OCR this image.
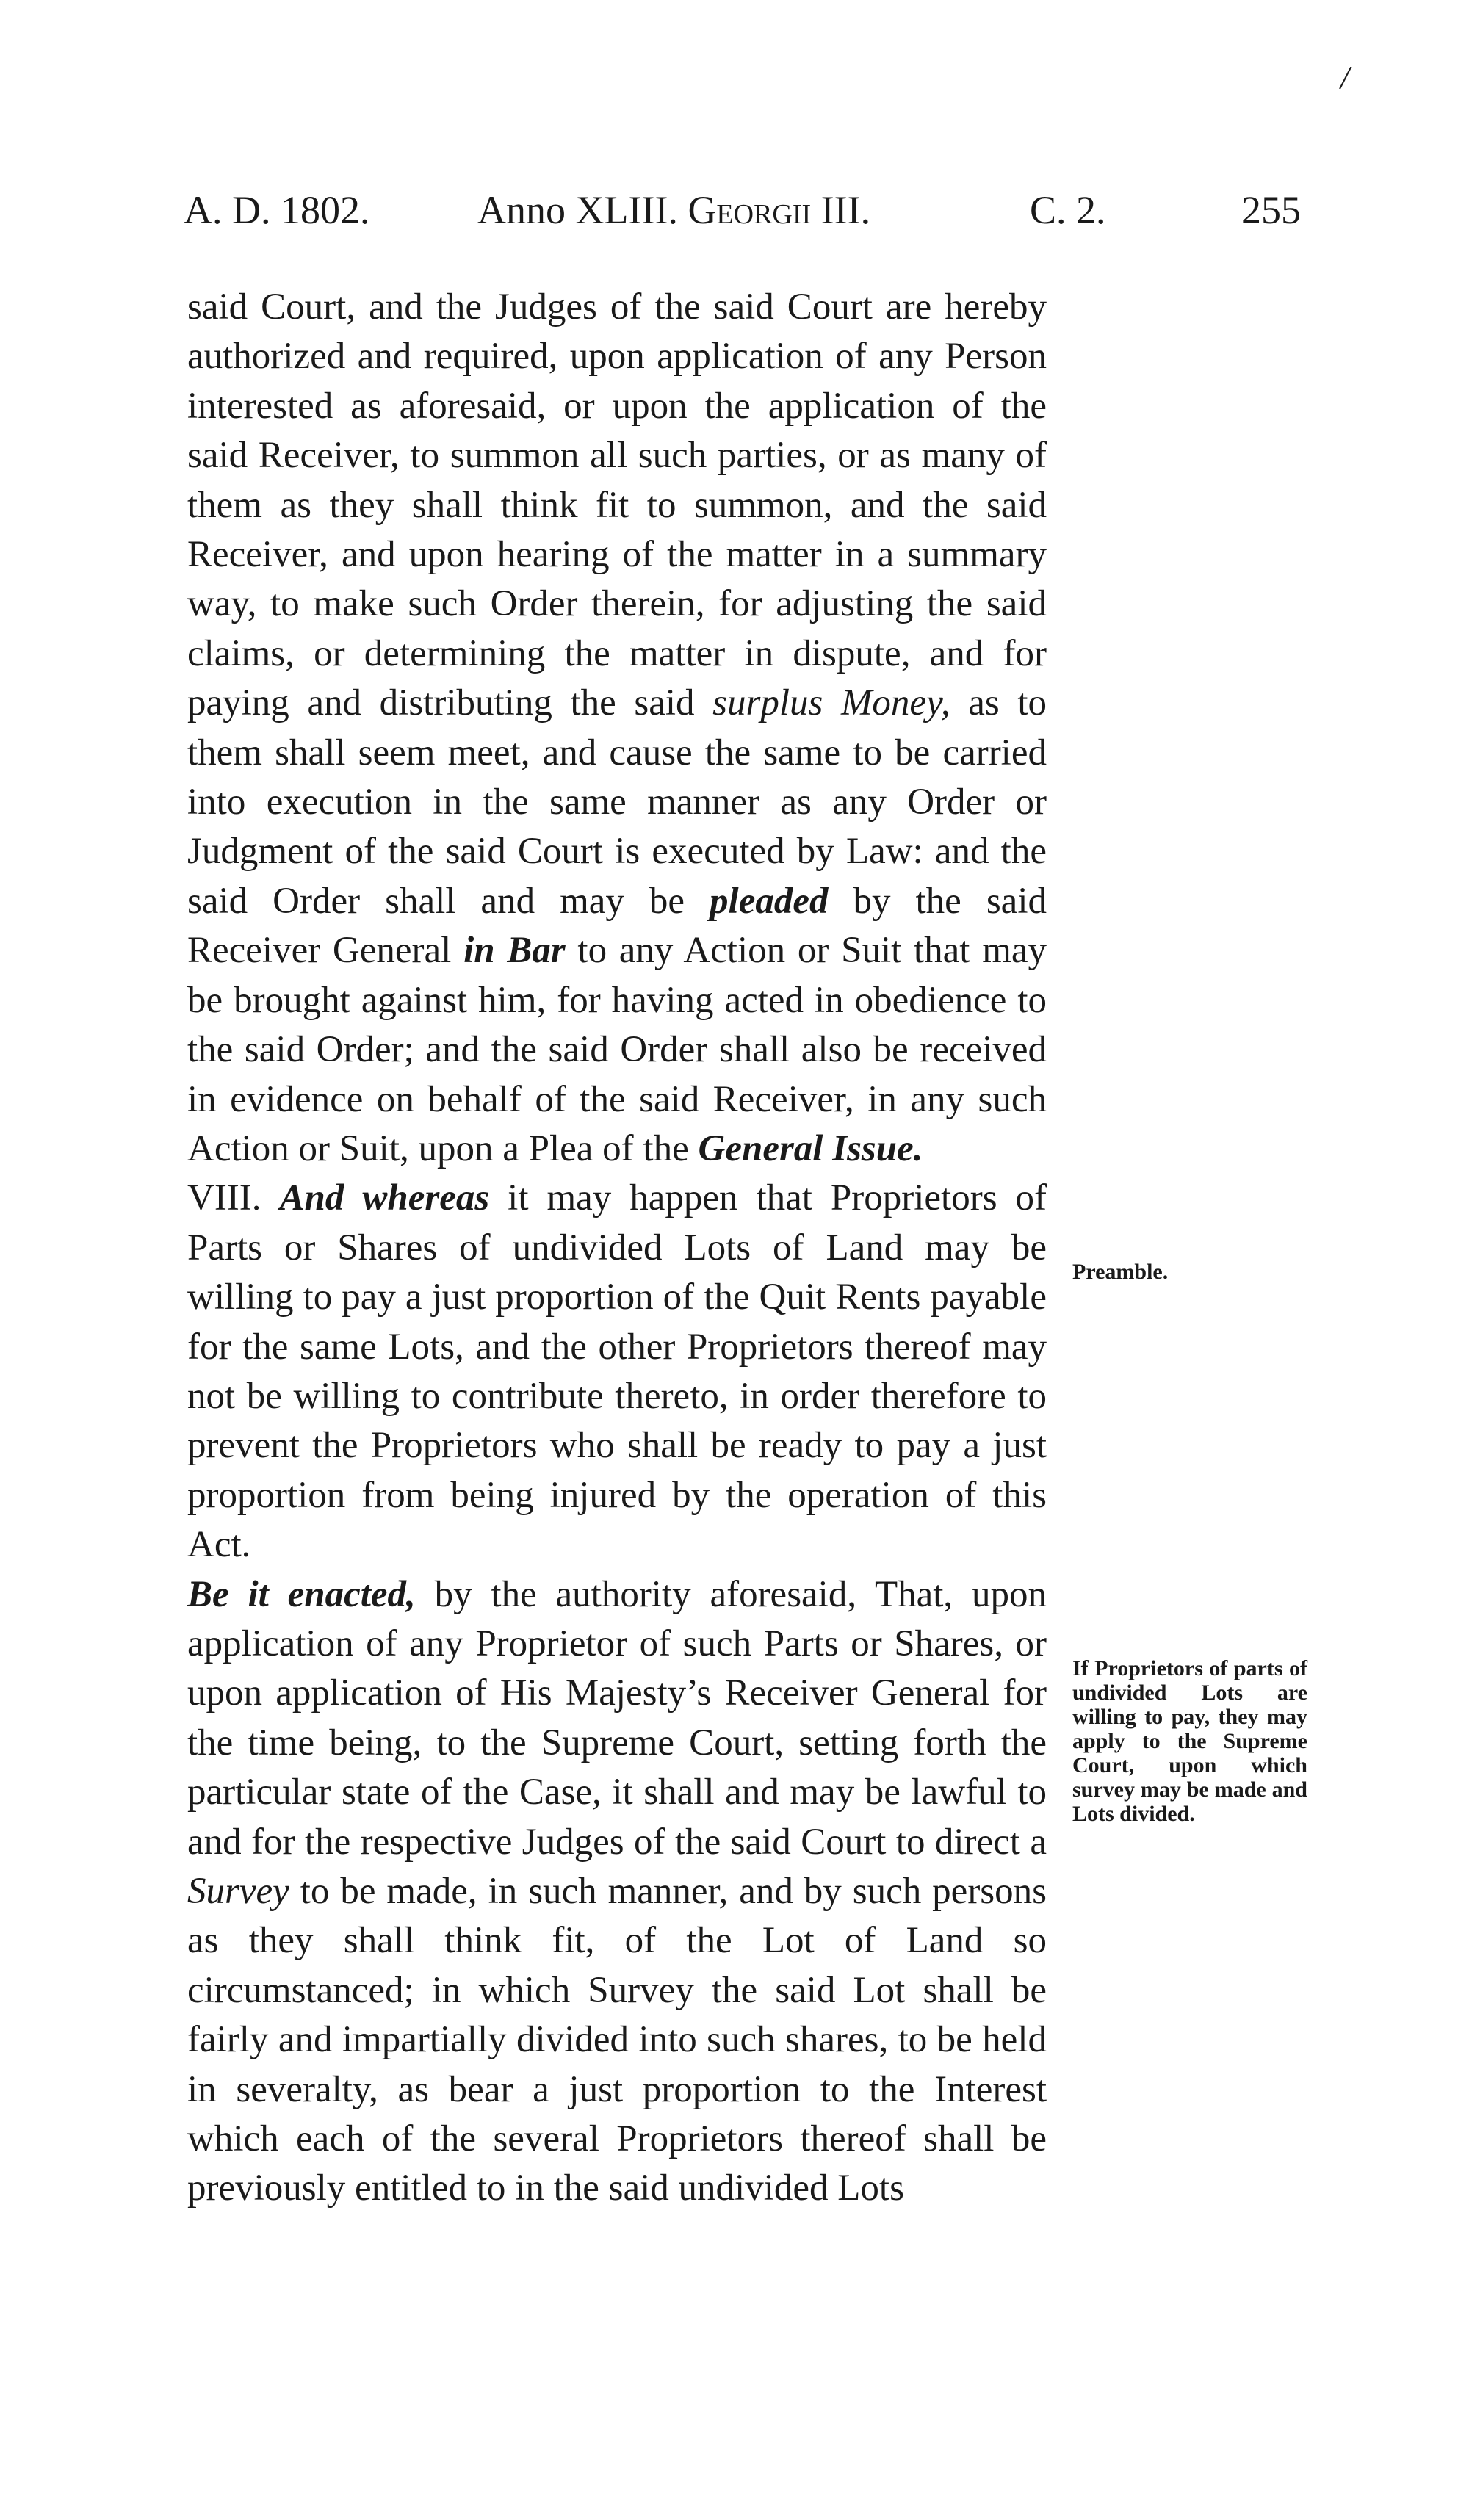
/
A. D. 1802.	Anno XLIII. Georgii III.	C. 2.	255

said Court, and the Judges of the said Court are hereby authorized and required, upon application of any Person interested as aforesaid, or upon the application of the said Receiver, to summon all such parties, or as many of them as they shall think fit to summon, and the said Receiver, and upon hearing of the matter in a summary way, to make such Order therein, for adjusting the said claims, or determining the matter in dispute, and for paying and distributing the said surplus Money, as to them shall seem meet, and cause the same to be carried into execution in the same manner as any Order or Judgment of the said Court is executed by Law: and the said Order shall and may be pleaded by the said Receiver General in Bar to any Action or Suit that may be brought against him, for having acted in obedience to the said Order; and the said Order shall also be received in evidence on behalf of the said Receiver, in any such Action or Suit, upon a Plea of the General Issue.

VIII. And whereas it may happen that Proprietors of Parts or Shares of undivided Lots of Land may be willing to pay a just proportion of the Quit Rents payable for the same Lots, and the other Proprietors thereof may not be willing to contribute thereto, in order therefore to prevent the Proprietors who shall be ready to pay a just proportion from being injured by the operation of this Act.

Be it enacted, by the authority aforesaid, That, upon application of any Proprietor of such Parts or Shares, or upon application of His Majesty’s Receiver General for the time being, to the Supreme Court, setting forth the particular state of the Case, it shall and may be lawful to and for the respective Judges of the said Court to direct a Survey to be made, in such manner, and by such persons as they shall think fit, of the Lot of Land so circumstanced; in which Survey the said Lot shall be fairly and impartially divided into such shares, to be held in severalty, as bear a just proportion to the Interest which each of the several Proprietors thereof shall be previously entitled to in the said undivided Lots

Preamble.
If Proprietors of parts of undivided Lots are willing to pay, they may apply to the Supreme Court, upon which survey may be made and Lots divided.
